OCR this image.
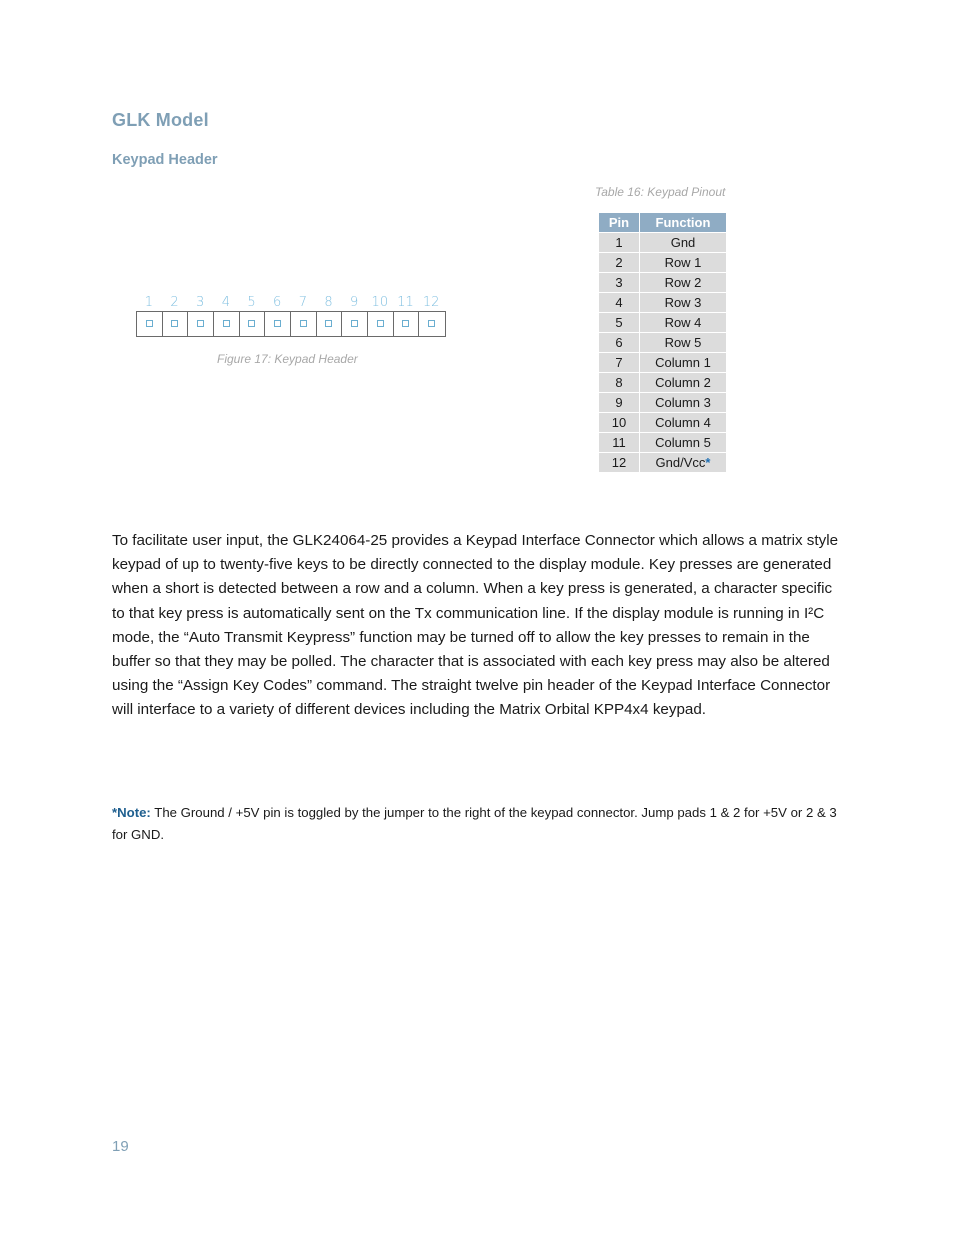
GLK Model
Keypad Header
Table 16: Keypad Pinout
Pin	Function
1	Gnd
2	Row 1
3	Row 2
4	Row 3
5	Row 4
6	Row 5
7	Column 1
8	Column 2
9	Column 3
10	Column 4
11	Column 5
12	Gnd/Vcc*
1	2	3	4	5	6	7	8	9	10 11 12
Figure 17: Keypad Header
To facilitate user input, the GLK24064-25 provides a Keypad Interface Connector which allows a matrix style keypad of up to twenty-five keys to be directly connected to the display module. Key presses are generated when a short is detected between a row and a column. When a key press is generated, a character specific to that key press is automatically sent on the Tx communication line. If the display module is running in I²C mode, the “Auto Transmit Keypress” function may be turned off to allow the key presses to remain in the buffer so that they may be polled. The character that is associated with each key press may also be altered using the “Assign Key Codes” command. The straight twelve pin header of the Keypad Interface Connector will interface to a variety of different devices including the Matrix Orbital KPP4x4 keypad.
*Note: The Ground / +5V pin is toggled by the jumper to the right of the keypad connector. Jump pads 1 & 2 for +5V or 2 & 3 for GND.
19
